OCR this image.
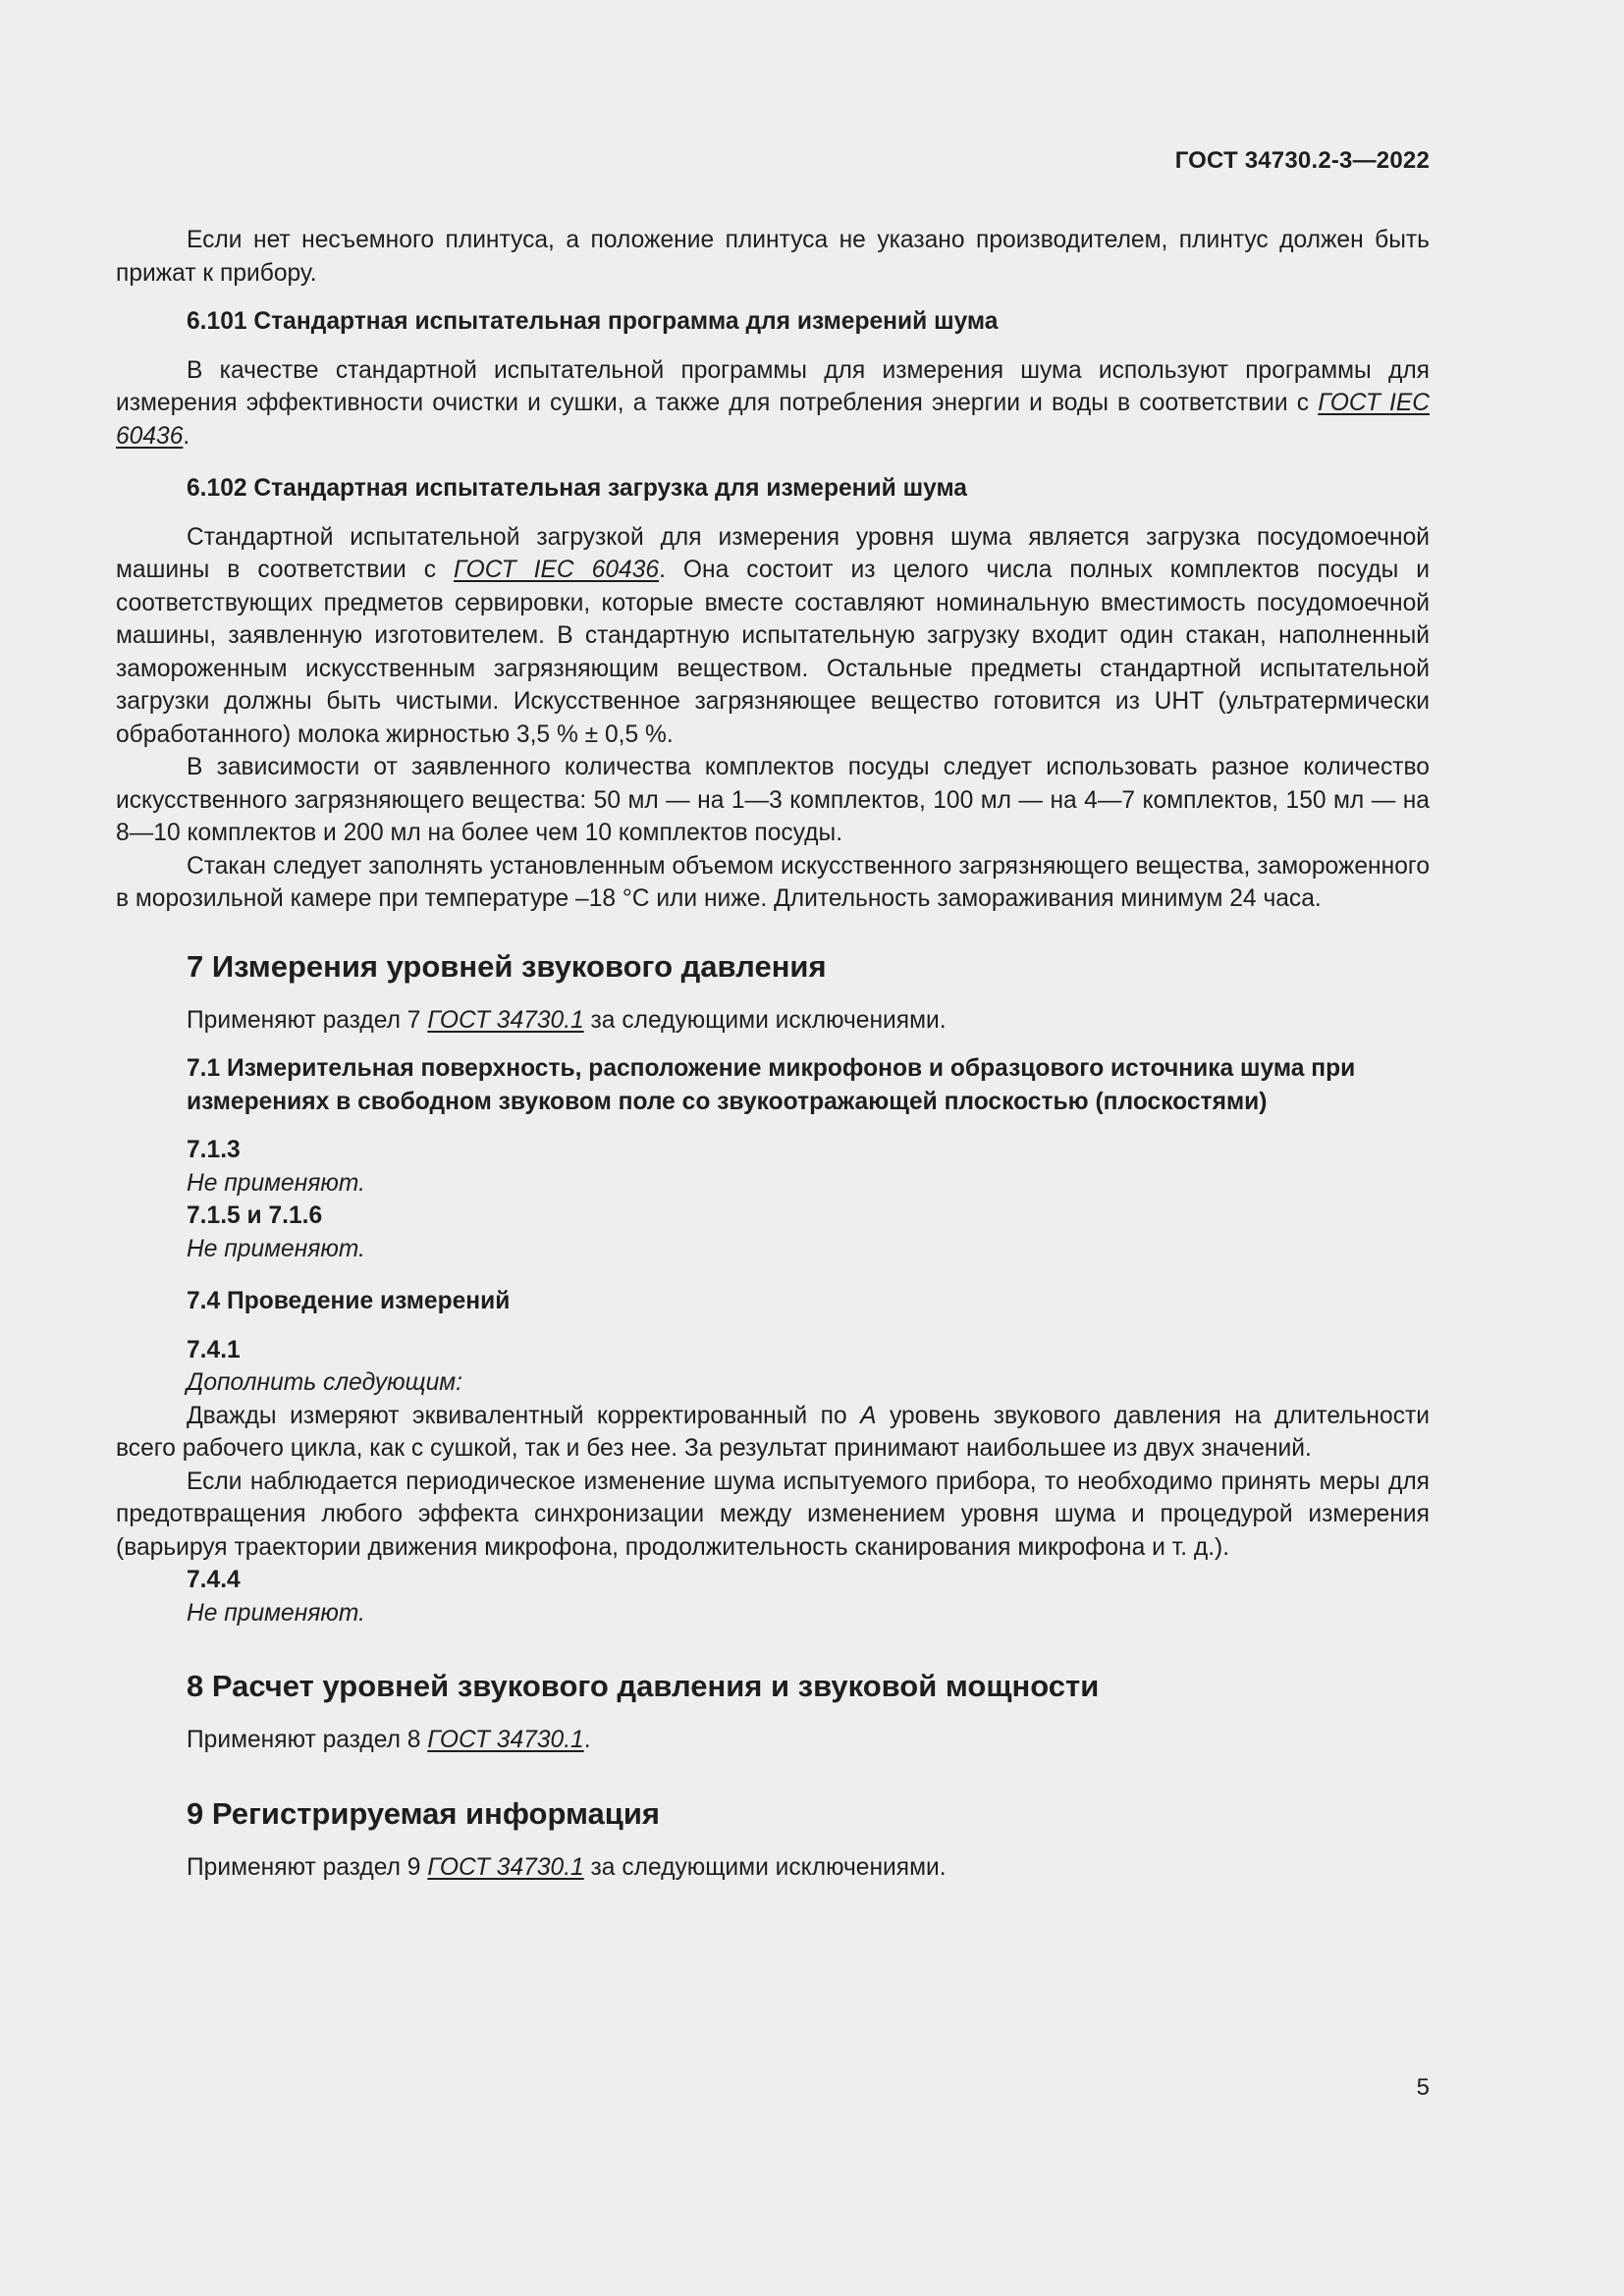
ГОСТ 34730.2-3—2022

Если нет несъемного плинтуса, а положение плинтуса не указано производителем, плинтус должен быть прижат к прибору.

6.101 Стандартная испытательная программа для измерений шума

В качестве стандартной испытательной программы для измерения шума используют программы для измерения эффективности очистки и сушки, а также для потребления энергии и воды в соответствии с ГОСТ IEC 60436.

6.102 Стандартная испытательная загрузка для измерений шума

Стандартной испытательной загрузкой для измерения уровня шума является загрузка посудомоечной машины в соответствии с ГОСТ IEC 60436. Она состоит из целого числа полных комплектов посуды и соответствующих предметов сервировки, которые вместе составляют номинальную вместимость посудомоечной машины, заявленную изготовителем. В стандартную испытательную загрузку входит один стакан, наполненный замороженным искусственным загрязняющим веществом. Остальные предметы стандартной испытательной загрузки должны быть чистыми. Искусственное загрязняющее вещество готовится из UHT (ультратермически обработанного) молока жирностью 3,5 % ± 0,5 %.

В зависимости от заявленного количества комплектов посуды следует использовать разное количество искусственного загрязняющего вещества: 50 мл — на 1—3 комплектов, 100 мл — на 4—7 комплектов, 150 мл — на 8—10 комплектов и 200 мл на более чем 10 комплектов посуды.

Стакан следует заполнять установленным объемом искусственного загрязняющего вещества, замороженного в морозильной камере при температуре –18 °C или ниже. Длительность замораживания минимум 24 часа.

7 Измерения уровней звукового давления

Применяют раздел 7 ГОСТ 34730.1 за следующими исключениями.

7.1 Измерительная поверхность, расположение микрофонов и образцового источника шума при измерениях в свободном звуковом поле со звукоотражающей плоскостью (плоскостями)

7.1.3

Не применяют.

7.1.5 и 7.1.6

Не применяют.

7.4 Проведение измерений

7.4.1

Дополнить следующим:

Дважды измеряют эквивалентный корректированный по А уровень звукового давления на длительности всего рабочего цикла, как с сушкой, так и без нее. За результат принимают наибольшее из двух значений.

Если наблюдается периодическое изменение шума испытуемого прибора, то необходимо принять меры для предотвращения любого эффекта синхронизации между изменением уровня шума и процедурой измерения (варьируя траектории движения микрофона, продолжительность сканирования микрофона и т. д.).

7.4.4

Не применяют.

8 Расчет уровней звукового давления и звуковой мощности

Применяют раздел 8 ГОСТ 34730.1.

9 Регистрируемая информация

Применяют раздел 9 ГОСТ 34730.1 за следующими исключениями.

5
